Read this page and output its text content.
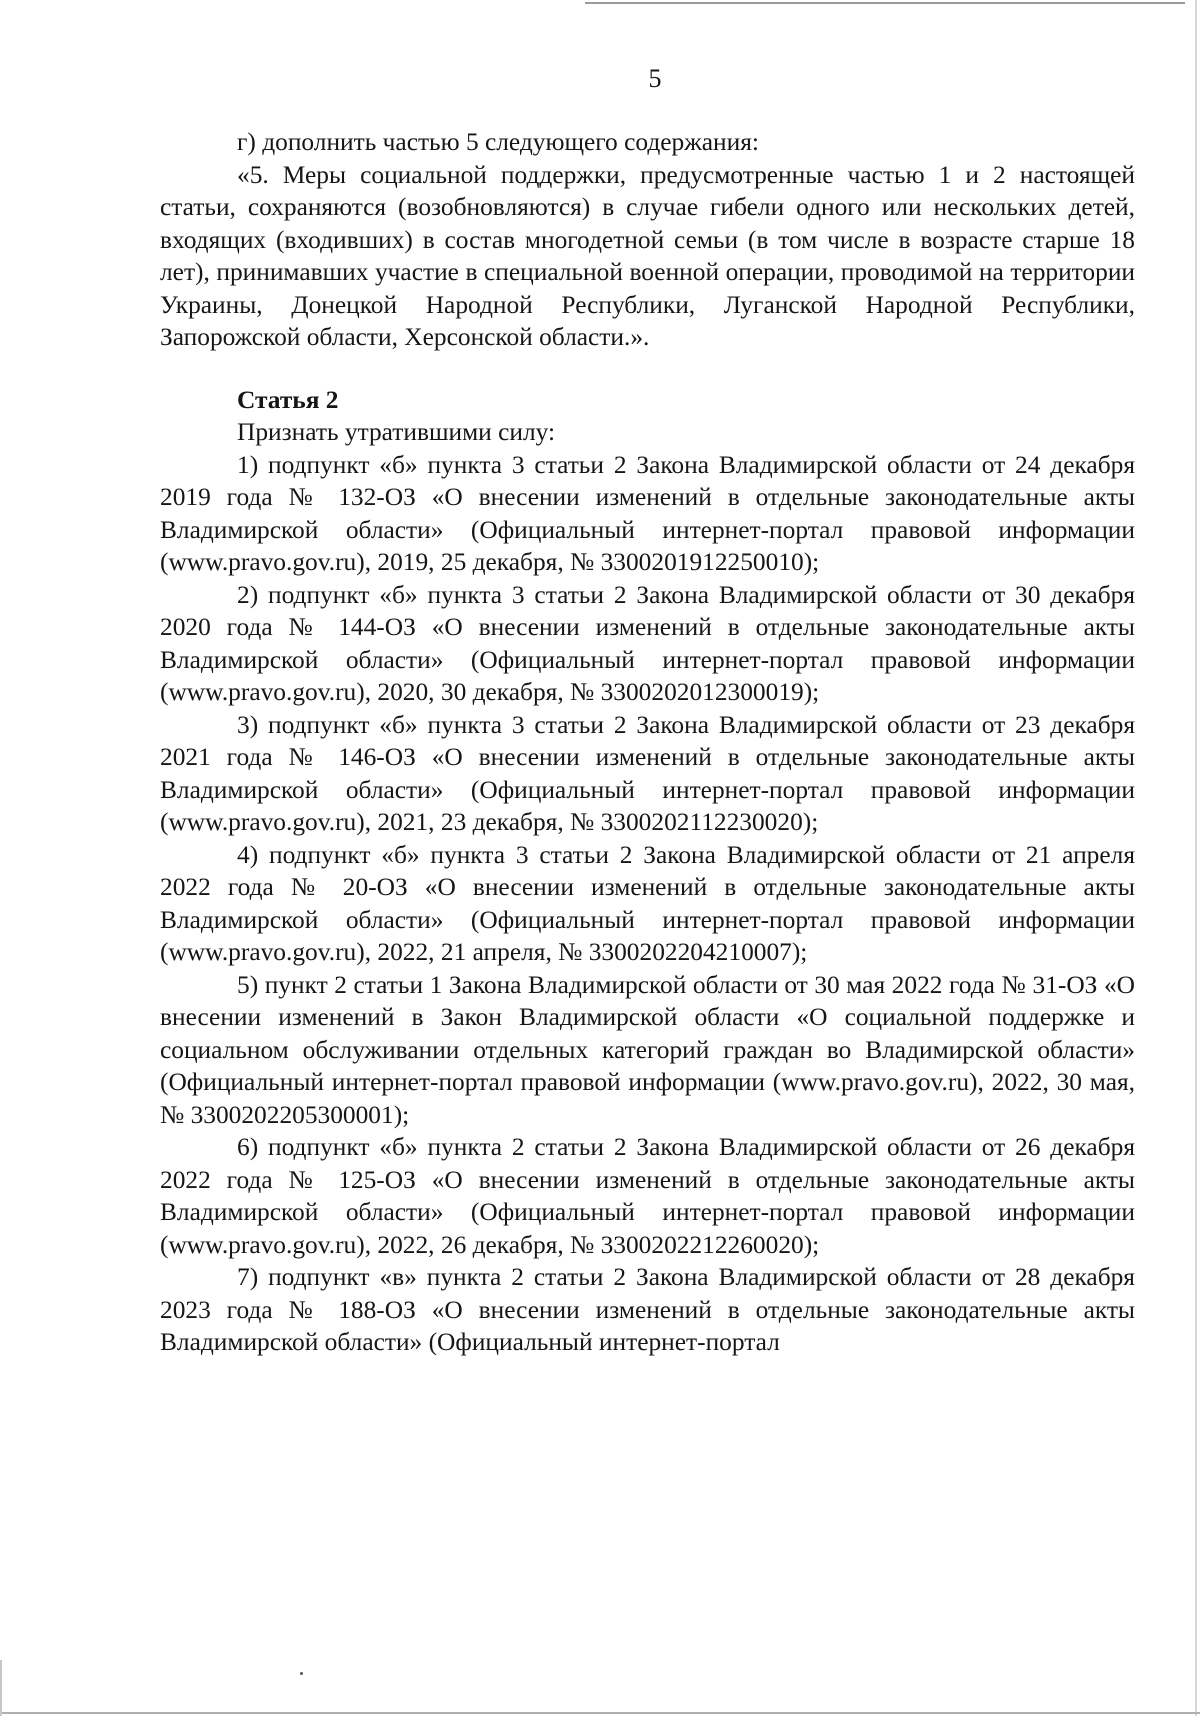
5

г) дополнить частью 5 следующего содержания:

«5. Меры социальной поддержки, предусмотренные частью 1 и 2 настоящей статьи, сохраняются (возобновляются) в случае гибели одного или нескольких детей, входящих (входивших) в состав многодетной семьи (в том числе в возрасте старше 18 лет), принимавших участие в специальной военной операции, проводимой на территории Украины, Донецкой Народной Республики, Луганской Народной Республики, Запорожской области, Херсонской области.».

Статья 2

Признать утратившими силу:

1) подпункт «б» пункта 3 статьи 2 Закона Владимирской области от 24 декабря 2019 года № 132-ОЗ «О внесении изменений в отдельные законодательные акты Владимирской области» (Официальный интернет-портал правовой информации (www.pravo.gov.ru), 2019, 25 декабря, № 3300201912250010);

2) подпункт «б» пункта 3 статьи 2 Закона Владимирской области от 30 декабря 2020 года № 144-ОЗ «О внесении изменений в отдельные законодательные акты Владимирской области» (Официальный интернет-портал правовой информации (www.pravo.gov.ru), 2020, 30 декабря, № 3300202012300019);

3) подпункт «б» пункта 3 статьи 2 Закона Владимирской области от 23 декабря 2021 года № 146-ОЗ «О внесении изменений в отдельные законодательные акты Владимирской области» (Официальный интернет-портал правовой информации (www.pravo.gov.ru), 2021, 23 декабря, № 3300202112230020);

4) подпункт «б» пункта 3 статьи 2 Закона Владимирской области от 21 апреля 2022 года № 20-ОЗ «О внесении изменений в отдельные законодательные акты Владимирской области» (Официальный интернет-портал правовой информации (www.pravo.gov.ru), 2022, 21 апреля, № 3300202204210007);

5) пункт 2 статьи 1 Закона Владимирской области от 30 мая 2022 года № 31-ОЗ «О внесении изменений в Закон Владимирской области «О социальной поддержке и социальном обслуживании отдельных категорий граждан во Владимирской области» (Официальный интернет-портал правовой информации (www.pravo.gov.ru), 2022, 30 мая, № 3300202205300001);

6) подпункт «б» пункта 2 статьи 2 Закона Владимирской области от 26 декабря 2022 года № 125-ОЗ «О внесении изменений в отдельные законодательные акты Владимирской области» (Официальный интернет-портал правовой информации (www.pravo.gov.ru), 2022, 26 декабря, № 3300202212260020);

7) подпункт «в» пункта 2 статьи 2 Закона Владимирской области от 28 декабря 2023 года № 188-ОЗ «О внесении изменений в отдельные законодательные акты Владимирской области» (Официальный интернет-портал
